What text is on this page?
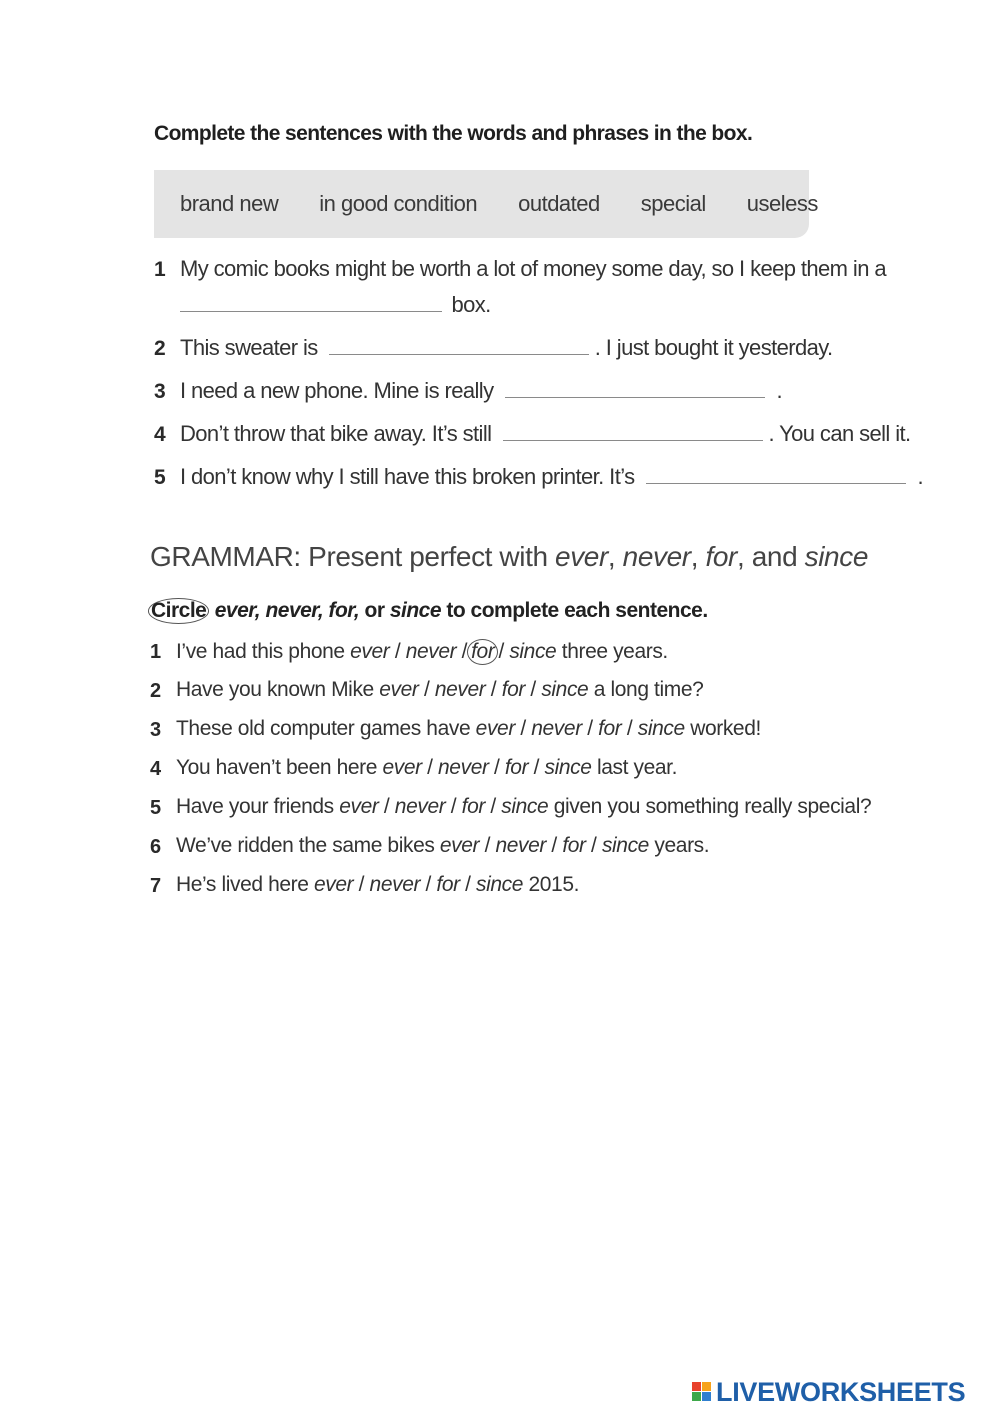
Complete the sentences with the words and phrases in the box.
brand new in good condition outdated special useless
1 My comic books might be worth a lot of money some day, so I keep them in a
box.
2 This sweater is	. I just bought it yesterday.
3 I need a new phone. Mine is really	.
4 Don’t throw that bike away. It’s still	. You can sell it.
5 I don’t know why I still have this broken printer. It’s	.
GRAMMAR: Present perfect with ever, never, for, and since
Circle ever, never, for, or since to complete each sentence.
1 I’ve had this phone ever / never / for / since three years.
2 Have you known Mike ever / never / for / since a long time?
3 These old computer games have ever / never / for / since worked!
4 You haven’t been here ever / never / for / since last year.
5 Have your friends ever / never / for / since given you something really special?
6 We’ve ridden the same bikes ever / never / for / since years.
7 He’s lived here ever / never / for / since 2015.
LIVEWORKSHEETS
